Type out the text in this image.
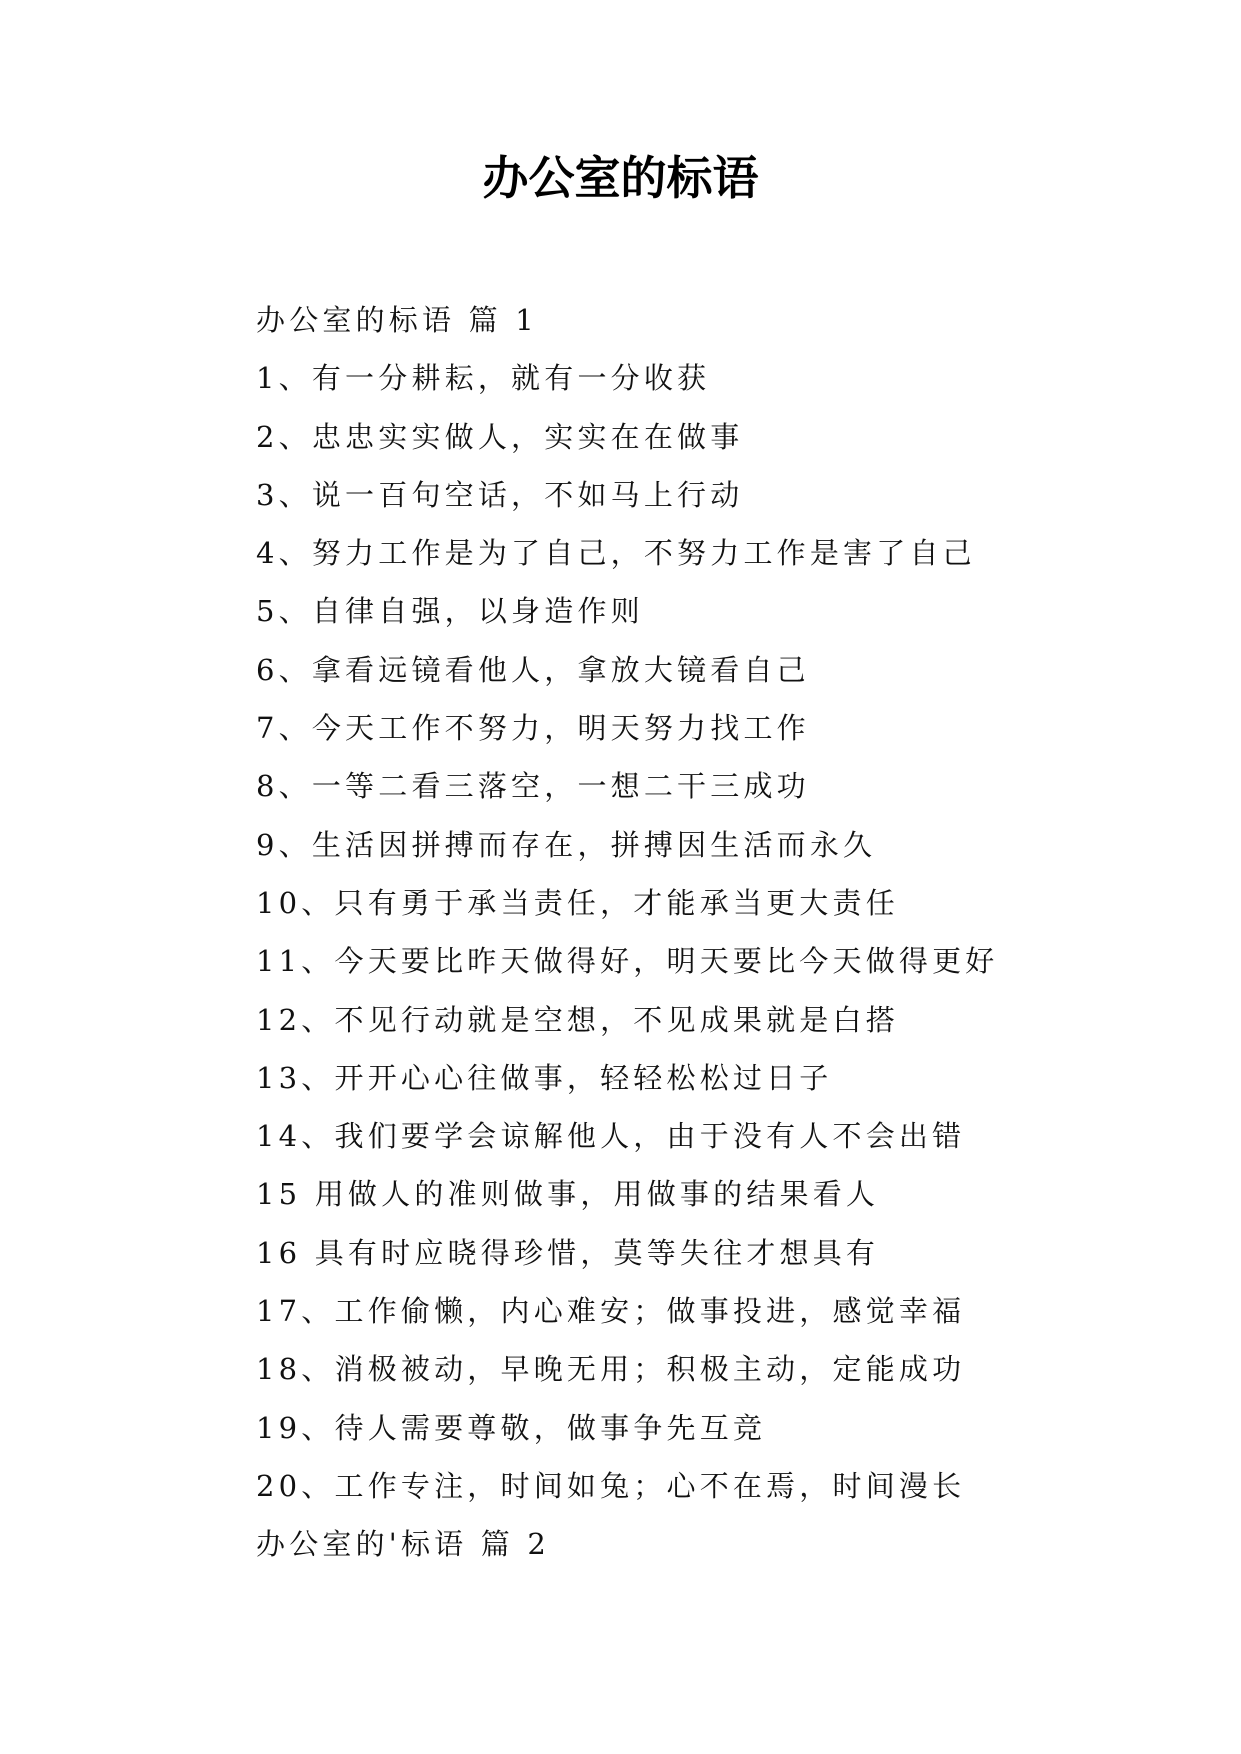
办公室的标语
办公室的标语 篇 1
1、有一分耕耘，就有一分收获
2、忠忠实实做人，实实在在做事
3、说一百句空话，不如马上行动
4、努力工作是为了自己，不努力工作是害了自己
5、自律自强，以身造作则
6、拿看远镜看他人，拿放大镜看自己
7、今天工作不努力，明天努力找工作
8、一等二看三落空，一想二干三成功
9、生活因拼搏而存在，拼搏因生活而永久
10、只有勇于承当责任，才能承当更大责任
11、今天要比昨天做得好，明天要比今天做得更好
12、不见行动就是空想，不见成果就是白搭
13、开开心心往做事，轻轻松松过日子
14、我们要学会谅解他人，由于没有人不会出错
15 用做人的准则做事，用做事的结果看人
16 具有时应晓得珍惜，莫等失往才想具有
17、工作偷懒，内心难安；做事投进，感觉幸福
18、消极被动，早晚无用；积极主动，定能成功
19、待人需要尊敬，做事争先互竞
20、工作专注，时间如兔；心不在焉，时间漫长
办公室的'标语 篇 2
